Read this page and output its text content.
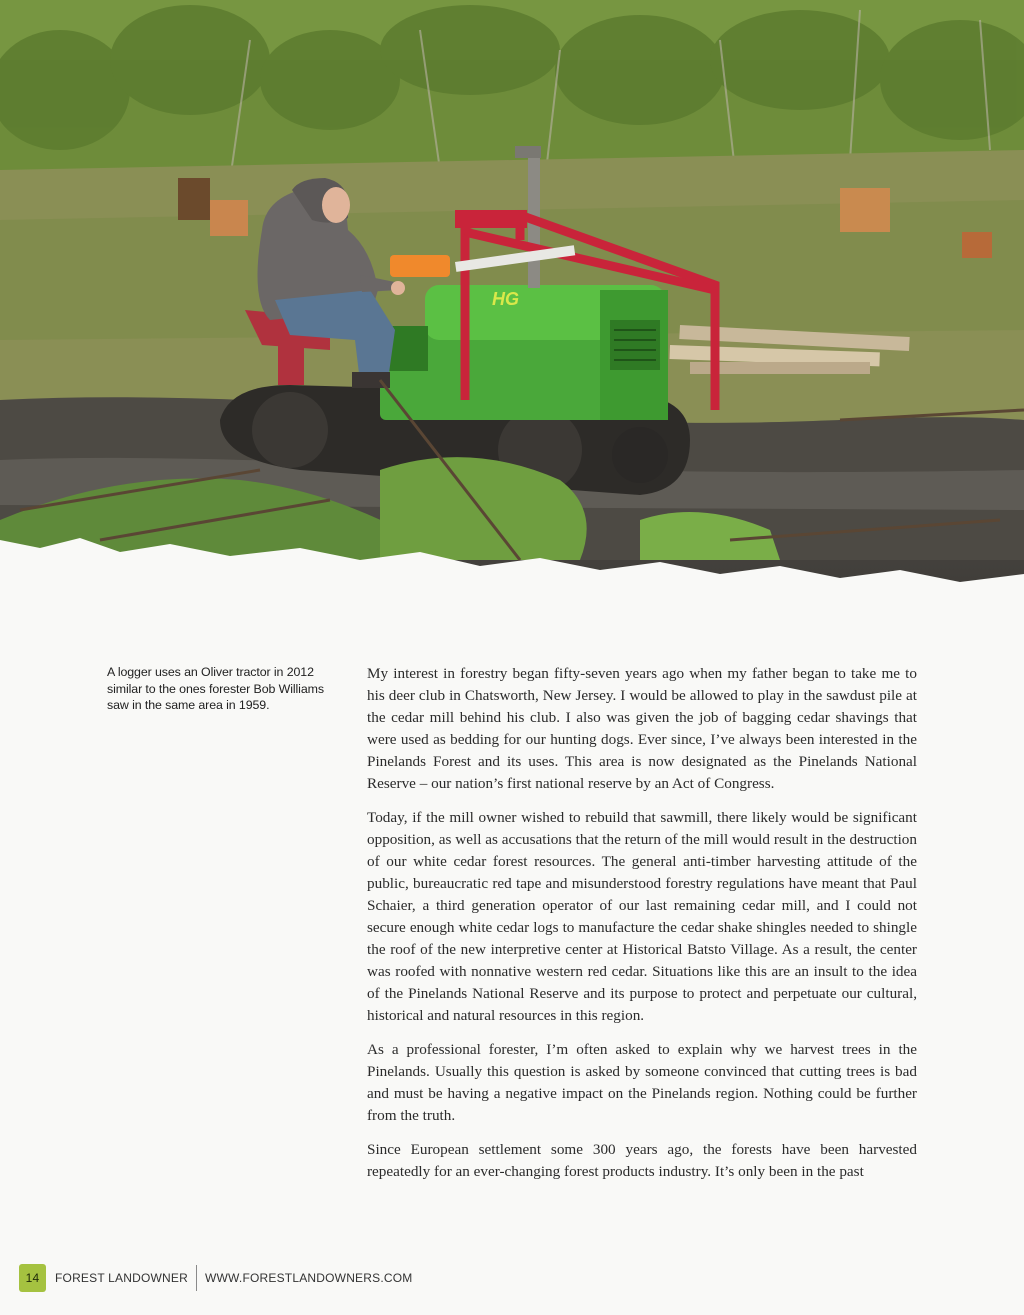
HG
A logger uses an Oliver tractor in 2012 similar to the ones forester Bob Williams saw in the same area in 1959.

My interest in forestry began fifty-seven years ago when my father began to take me to his deer club in Chatsworth, New Jersey. I would be allowed to play in the sawdust pile at the cedar mill behind his club. I also was given the job of bagging cedar shavings that were used as bedding for our hunting dogs. Ever since, I’ve always been interested in the Pinelands Forest and its uses. This area is now designated as the Pinelands National Reserve – our nation’s first national reserve by an Act of Congress.

Today, if the mill owner wished to rebuild that sawmill, there likely would be significant opposition, as well as accusations that the return of the mill would result in the destruction of our white cedar forest resources. The general anti-timber harvesting attitude of the public, bureaucratic red tape and misunderstood forestry regulations have meant that Paul Schaier, a third generation operator of our last remaining cedar mill, and I could not secure enough white cedar logs to manufacture the cedar shake shingles needed to shingle the roof of the new interpretive center at Historical Batsto Village. As a result, the center was roofed with nonnative western red cedar. Situations like this are an insult to the idea of the Pinelands National Reserve and its purpose to protect and perpetuate our cultural, historical and natural resources in this region.

As a professional forester, I’m often asked to explain why we harvest trees in the Pinelands. Usually this question is asked by someone convinced that cutting trees is bad and must be having a negative impact on the Pinelands region. Nothing could be further from the truth.

Since European settlement some 300 years ago, the forests have been harvested repeatedly for an ever-changing forest products industry. It’s only been in the past

14 FOREST LANDOWNER WWW.FORESTLANDOWNERS.COM
